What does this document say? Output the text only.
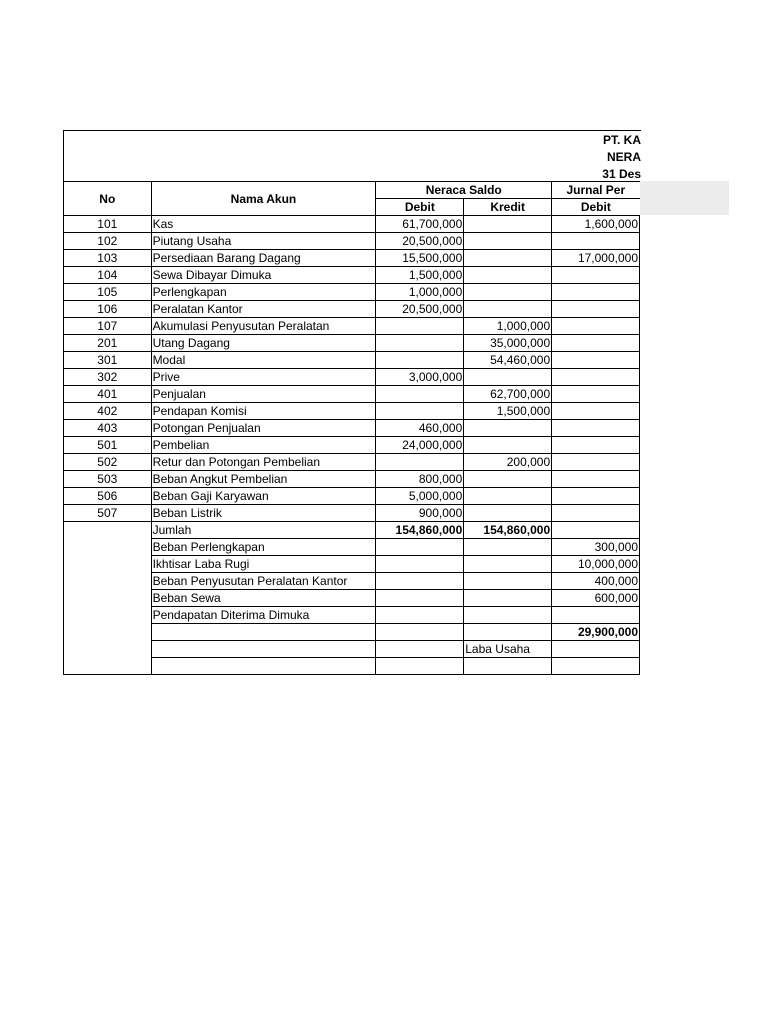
PT. KA
NERA
31 Des
No	Nama Akun	Neraca Saldo		Jurnal Per
		Debit	Kredit	Debit
101	Kas	61,700,000		1,600,000
102	Piutang Usaha	20,500,000		
103	Persediaan Barang Dagang	15,500,000		17,000,000
104	Sewa Dibayar Dimuka	1,500,000		
105	Perlengkapan	1,000,000		
106	Peralatan Kantor	20,500,000		
107	Akumulasi Penyusutan Peralatan		1,000,000	
201	Utang Dagang		35,000,000	
301	Modal		54,460,000	
302	Prive	3,000,000		
401	Penjualan		62,700,000	
402	Pendapan Komisi		1,500,000	
403	Potongan Penjualan	460,000		
501	Pembelian	24,000,000		
502	Retur dan Potongan Pembelian		200,000	
503	Beban Angkut Pembelian	800,000		
506	Beban Gaji Karyawan	5,000,000		
507	Beban Listrik	900,000		
	Jumlah	154,860,000	154,860,000	
	Beban Perlengkapan			300,000
	Ikhtisar Laba Rugi			10,000,000
	Beban Penyusutan Peralatan Kantor			400,000
	Beban Sewa			600,000
	Pendapatan Diterima Dimuka			
				29,900,000
			Laba Usaha	
